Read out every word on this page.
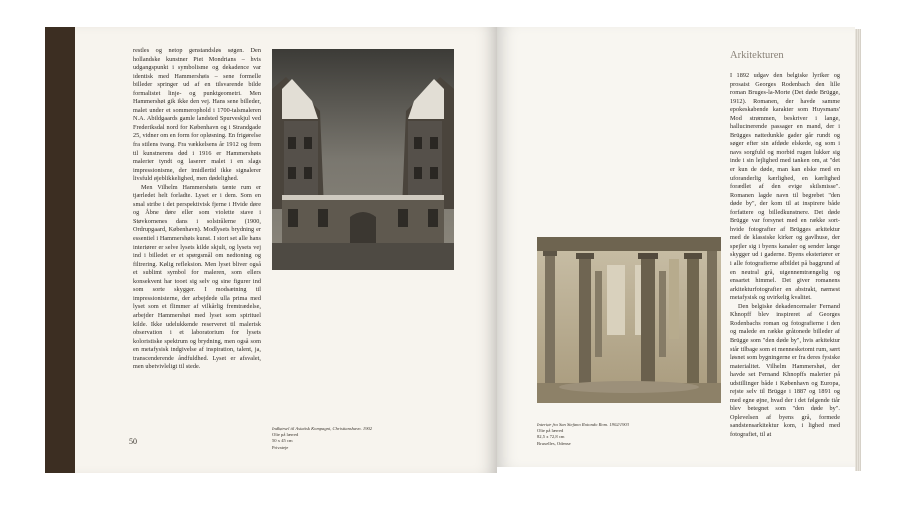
restles og netop genstandsløs søgen. Den hollandske kunstner Piet Mondrians – hvis udgangspunkt i symbolisme og dekadence var identisk med Hammershøis – sene formelle billeder springer ud af en tilsvarende bilde formalistet linje- og punktgeometri. Men Hammershøi gik ikke den vej. Hans sene billeder, malet under et sommerophold i 1700-talsmaleren N.A. Abildgaards gamle landsted Spurveskjul ved Frederiksdal nord for København og i Strandgade 25, vidner om en form for opløsning. En frigørelse fra stilens tvang. Fra vækkelsens år 1912 og frem til kunstnerens død i 1916 er Hammershøis malerier tyndt og lasereт malet i en slags impressionisme, der imidlertid ikke signalerer livsfuld øjeblikkelighed, men dødelighed.

Men Vilhelm Hammershøis tænte rum er tjærledet helt forladte. Lyset er i dem. Som en smal stribe i det perspektivisk fjerne i Hvide døre og Åbne døre eller som violette stave i Støvkornenes dans i solstrålerne (1900, Ordrupgaard, København). Modlysets brydning er essentiel i Hammershøis kunst. I stort set alle hans interiører er selve lysets kilde skjult, og lysets vej ind i billedet er et spørgsmål om nedtoning og filtrering. Kølig refleksion. Men lyset bliver også et sublimt symbol for maleren, som ellers konsekvent har tooet sig selv og sine figurer ind som sorte skygger. I modsætning til impressionisterne, der arbejdede ulla prima med lyset som et flimmer af vilkårlig fremtrædelse, arbejder Hammershøi med lyset som spirituel kilde. Ikke udelukkende reserveret til malerisk observation i et laboratorium for lysets koloristiske spektrum og brydning, men også som en metafysisk indgivelse af inspiration, talent, ja, transcenderende åndfuldhed. Lyset er afsvalet, men ubetvivleligt til stede.

Indkørsel til Asiatisk Kompagni, Christianshavn. 1902
Olie på lærred
50 x 45 cm
Privateje
50
Arkitekturen

I 1892 udgav den belgiske lyriker og prosaist Georges Rodenbach den lille roman Bruges-la-Morte (Det døde Brügge, 1912). Romanen, der havde samme epokeskabende karakter som Huysmans' Mod strømmen, beskriver i lange, hallucinerende passager en mand, der i Brügges nattedunkle gader går rundt og søger efter sin afdøde elskede, og som i navs sorgfuld og morbid rugen lukker sig inde i sin lejlighed med tanken om, at "det er kun de døde, man kan elske med en uforanderlig kærlighed, en kærlighed forædlet af den evige skilsmisse". Romanen lagde navn til begrebet "den døde by", der kom til at inspirere både forfattere og billedkunstnere. Det døde Brügge var forsynet med en række sort-hvide fotografier af Brügges arkitektur med de klassiske kirker og gavlhuse, der spejler sig i byens kanaler og sender lange skygger ud i gaderne. Byens eksteriører er i alle fotografierne afbildet på baggrund af en neutral grå, uigennemtrængelig og ensartet himmel. Det giver romanens arkitekturfotografier en abstrakt, næmest metafysisk og uvirkelig kvalitet.

Den belgiske dekadencemaler Fernand Khnopff blev inspireret af Georges Rodenbachs roman og fotografierne i den og malede en række gråtonede billeder af Brügge som "den døde by", hvis arkitektur står tilbage som et mennesketomt rum, sært løsnet som bygningerne er fra deres fysiske materialitet. Vilhelm Hammershøi, der havde set Fernand Khnopffs malerier på udstillinger både i København og Europa, rejste selv til Brügge i 1887 og 1891 og med egne øjne, hvad der i det følgende tiår blev betegnet som "den døde by". Oplevelsen af byens grå, formede sandstensarkitektur kom, i lighed med fotografiet, til at

Interiør fra San Stefano Rotondo Rom. 1902/1903
Olie på lærred
82,5 x 72,8 cm
Bruxelles, Odense
